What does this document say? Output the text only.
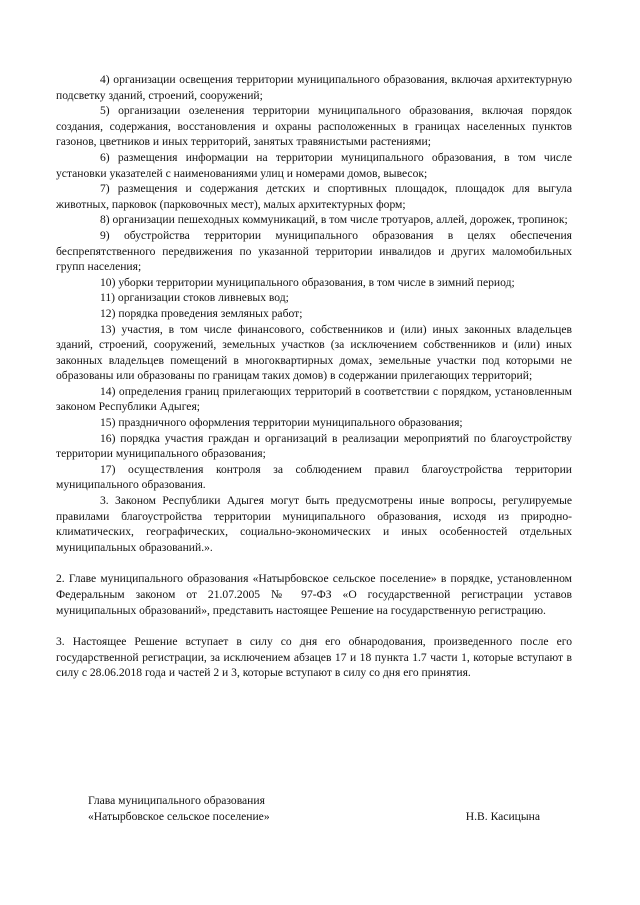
4) организации освещения территории муниципального образования, включая архитектурную подсветку зданий, строений, сооружений;

5) организации озеленения территории муниципального образования, включая порядок создания, содержания, восстановления и охраны расположенных в границах населенных пунктов газонов, цветников и иных территорий, занятых травянистыми растениями;

6) размещения информации на территории муниципального образования, в том числе установки указателей с наименованиями улиц и номерами домов, вывесок;

7) размещения и содержания детских и спортивных площадок, площадок для выгула животных, парковок (парковочных мест), малых архитектурных форм;

8) организации пешеходных коммуникаций, в том числе тротуаров, аллей, дорожек, тропинок;

9) обустройства территории муниципального образования в целях обеспечения беспрепятственного передвижения по указанной территории инвалидов и других маломобильных групп населения;

10) уборки территории муниципального образования, в том числе в зимний период;

11) организации стоков ливневых вод;

12) порядка проведения земляных работ;

13) участия, в том числе финансового, собственников и (или) иных законных владельцев зданий, строений, сооружений, земельных участков (за исключением собственников и (или) иных законных владельцев помещений в многоквартирных домах, земельные участки под которыми не образованы или образованы по границам таких домов) в содержании прилегающих территорий;

14) определения границ прилегающих территорий в соответствии с порядком, установленным законом Республики Адыгея;

15) праздничного оформления территории муниципального образования;

16) порядка участия граждан и организаций в реализации мероприятий по благоустройству территории муниципального образования;

17) осуществления контроля за соблюдением правил благоустройства территории муниципального образования.

3. Законом Республики Адыгея могут быть предусмотрены иные вопросы, регулируемые правилами благоустройства территории муниципального образования, исходя из природно-климатических, географических, социально-экономических и иных особенностей отдельных муниципальных образований.».

2. Главе муниципального образования «Натырбовское сельское поселение» в порядке, установленном Федеральным законом от 21.07.2005 № 97-ФЗ «О государственной регистрации уставов муниципальных образований», представить настоящее Решение на государственную регистрацию.

3. Настоящее Решение вступает в силу со дня его обнародования, произведенного после его государственной регистрации, за исключением абзацев 17 и 18 пункта 1.7 части 1, которые вступают в силу с 28.06.2018 года и частей 2 и 3, которые вступают в силу со дня его принятия.

Глава муниципального образования
«Натырбовское сельское поселение»	Н.В. Касицына
